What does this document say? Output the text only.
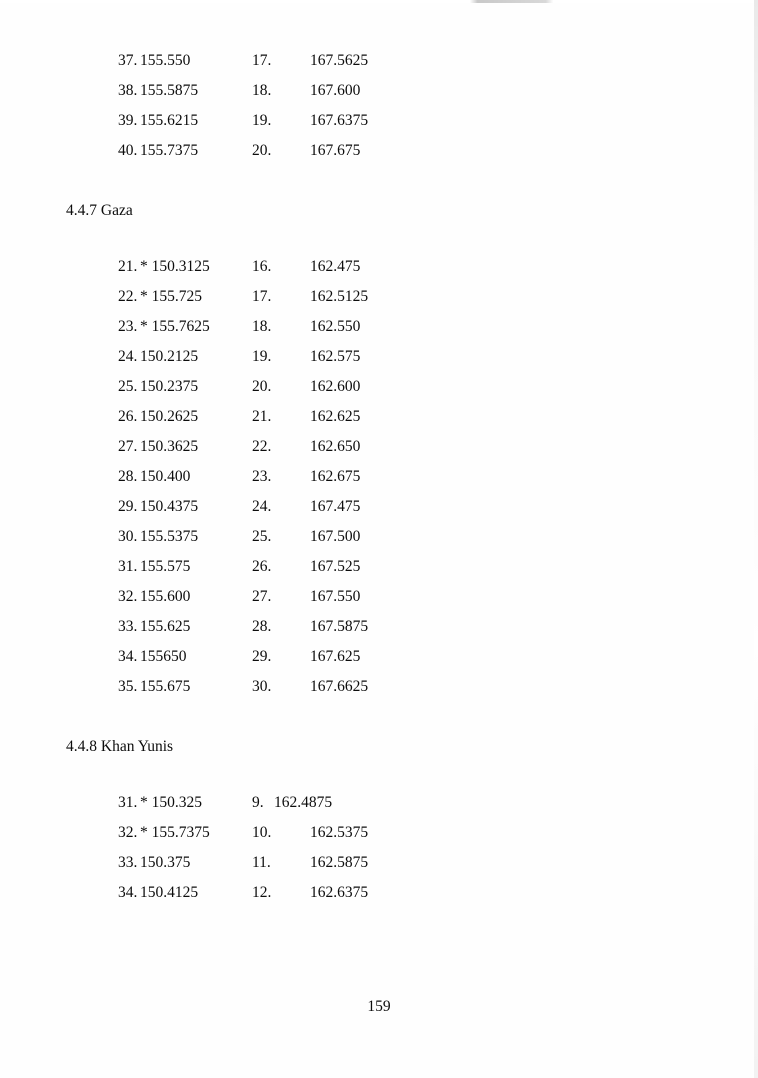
37. 155.550	17.	167.5625
38. 155.5875	18.	167.600
39. 155.6215	19.	167.6375
40. 155.7375	20.	167.675
4.4.7 Gaza
21. * 150.3125	16.	162.475
22. * 155.725	17.	162.5125
23. * 155.7625	18.	162.550
24. 150.2125	19.	162.575
25. 150.2375	20.	162.600
26. 150.2625	21.	162.625
27. 150.3625	22.	162.650
28. 150.400	23.	162.675
29. 150.4375	24.	167.475
30. 155.5375	25.	167.500
31. 155.575	26.	167.525
32. 155.600	27.	167.550
33. 155.625	28.	167.5875
34. 155650	29.	167.625
35. 155.675	30.	167.6625
4.4.8 Khan Yunis
31. * 150.325	9. 162.4875
32. * 155.7375	10.	162.5375
33. 150.375	11.	162.5875
34. 150.4125	12.	162.6375
159
